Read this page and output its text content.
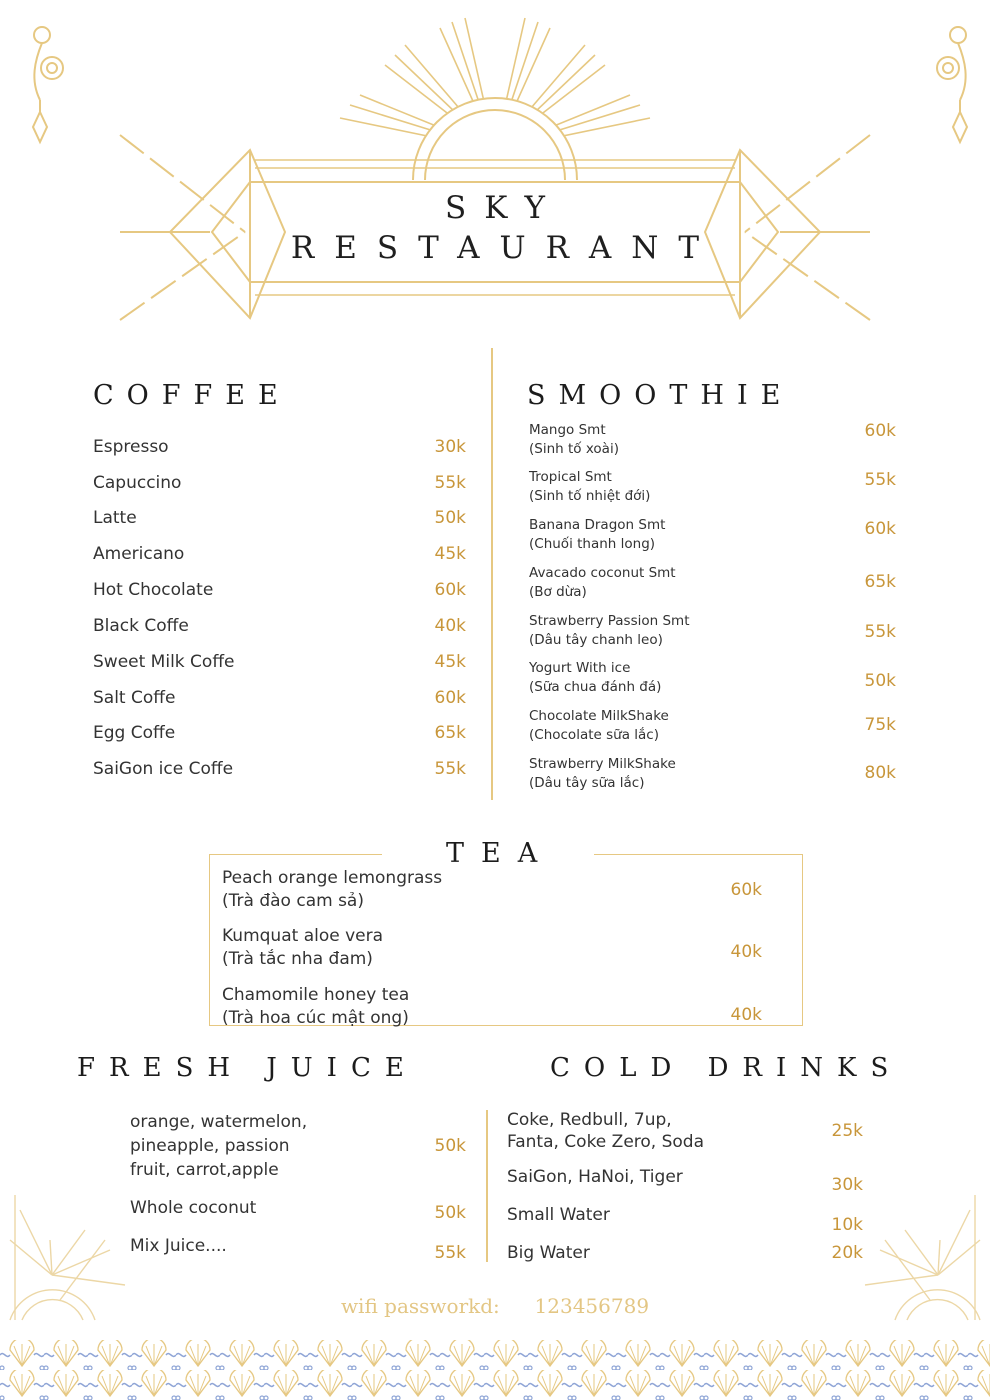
SKY
RESTAURANT
COFFEE
Espresso	30k
Capuccino	55k
Latte	50k
Americano	45k
Hot Chocolate	60k
Black Coffe	40k
Sweet Milk Coffe	45k
Salt Coffe	60k
Egg Coffe	65k
SaiGon ice Coffe	55k
SMOOTHIE
Mango Smt
(Sinh tố xoài)
60k
Tropical Smt
(Sinh tố nhiệt đới)
55k
Banana Dragon Smt
(Chuối thanh long)
60k
Avacado coconut Smt
(Bơ dừa)	65k
Strawberry Passion Smt
(Dâu tây chanh leo)	55k
Yogurt With ice
(Sữa chua đánh đá)	50k
Chocolate MilkShake
(Chocolate sữa lắc)	75k
Strawberry MilkShake
(Dâu tây sữa lắc)	80k
TEA
Peach orange lemongrass
(Trà đào cam sả)
60k
Kumquat aloe vera
(Trà tắc nha đam)	40k
Chamomile honey tea
(Trà hoa cúc mật ong)	40k
FRESH JUICE
orange, watermelon,
pineapple, passion
fruit, carrot,apple
50k
Whole coconut	50k
Mix Juice....	55k
COLD DRINKS
Coke, Redbull, 7up,
Fanta, Coke Zero, Soda
25k
SaiGon, HaNoi, Tiger	30k
Small Water	10k
Big Water	20k
wifi passworkd: 123456789
